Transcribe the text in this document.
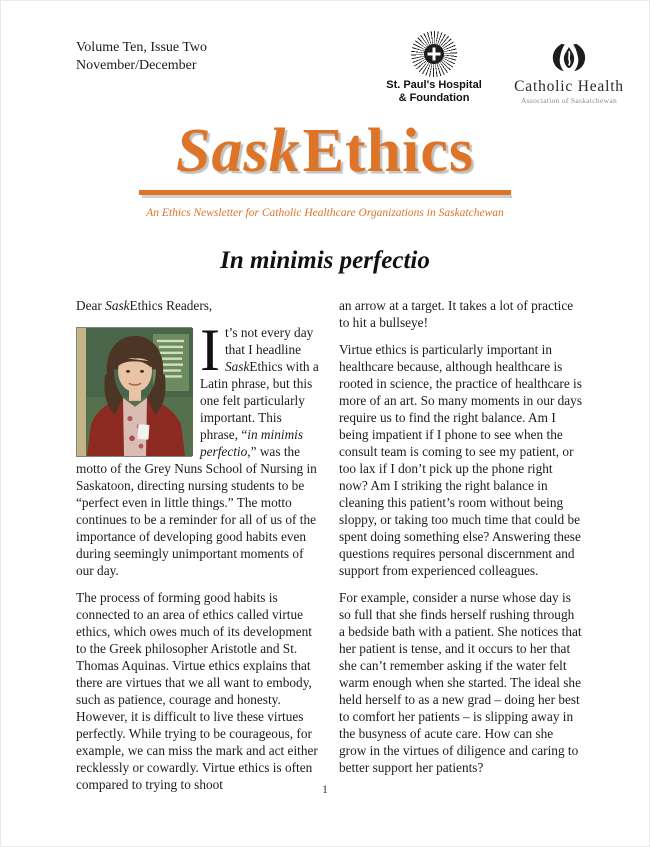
Volume Ten, Issue Two
November/December
St. Paul's Hospital
& Foundation
Catholic Health
Association of Saskatchewan
SaskEthics
An Ethics Newsletter for Catholic Healthcare Organizations in Saskatchewan
In minimis perfectio

Dear SaskEthics Readers,

It’s not every day that I headline SaskEthics with a Latin phrase, but this one felt particularly important. This phrase, “in minimis perfectio,” was the motto of the Grey Nuns School of Nursing in Saskatoon, directing nursing students to be “perfect even in little things.” The motto continues to be a reminder for all of us of the importance of developing good habits even during seemingly unimportant moments of our day.

The process of forming good habits is connected to an area of ethics called virtue ethics, which owes much of its development to the Greek philosopher Aristotle and St. Thomas Aquinas. Virtue ethics explains that there are virtues that we all want to embody, such as patience, courage and honesty. However, it is difficult to live these virtues perfectly. While trying to be courageous, for example, we can miss the mark and act either recklessly or cowardly. Virtue ethics is often compared to trying to shoot

an arrow at a target. It takes a lot of practice to hit a bullseye!

Virtue ethics is particularly important in healthcare because, although healthcare is rooted in science, the practice of healthcare is more of an art. So many moments in our days require us to find the right balance. Am I being impatient if I phone to see when the consult team is coming to see my patient, or too lax if I don’t pick up the phone right now? Am I striking the right balance in cleaning this patient’s room without being sloppy, or taking too much time that could be spent doing something else? Answering these questions requires personal discernment and support from experienced colleagues.

For example, consider a nurse whose day is so full that she finds herself rushing through a bedside bath with a patient. She notices that her patient is tense, and it occurs to her that she can’t remember asking if the water felt warm enough when she started. The ideal she held herself to as a new grad – doing her best to comfort her patients – is slipping away in the busyness of acute care. How can she grow in the virtues of diligence and caring to better support her patients?

1
